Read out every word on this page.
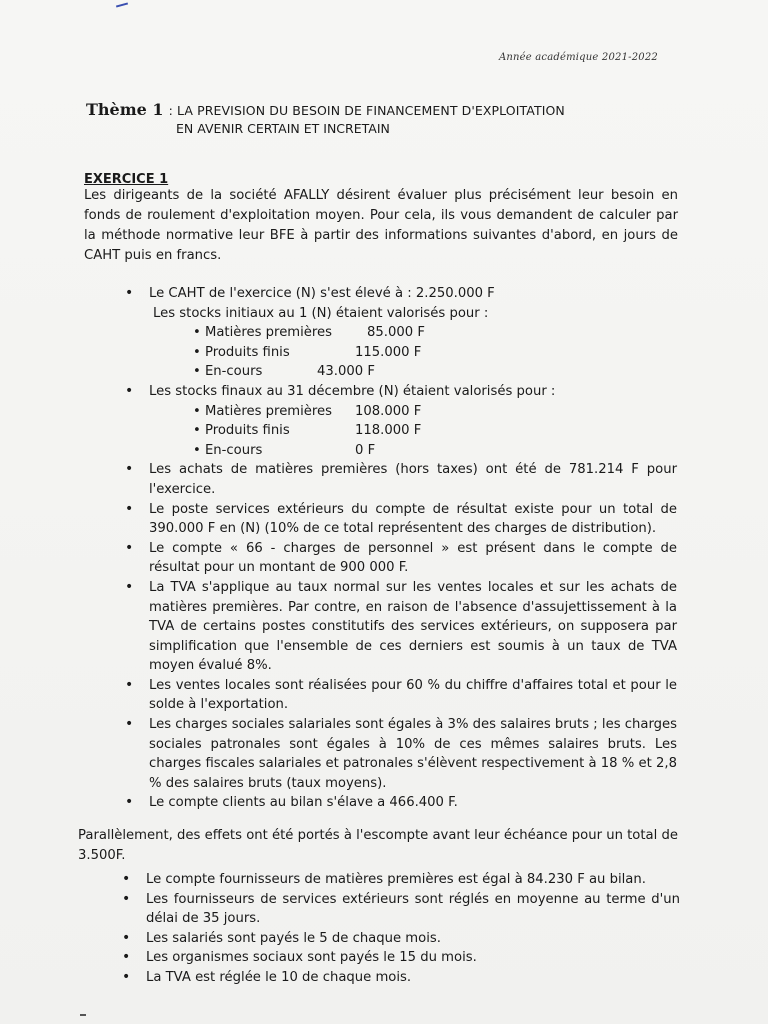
Année académique 2021-2022
Thème 1 : LA PREVISION DU BESOIN DE FINANCEMENT D'EXPLOITATION
EN AVENIR CERTAIN ET INCRETAIN
EXERCICE 1
Les dirigeants de la société AFALLY désirent évaluer plus précisément leur besoin en fonds de roulement d'exploitation moyen. Pour cela, ils vous demandent de calculer par la méthode normative leur BFE à partir des informations suivantes d'abord, en jours de CAHT puis en francs.
• Le CAHT de l'exercice (N) s'est élevé à : 2.250.000 F
Les stocks initiaux au 1 (N) étaient valorisés pour :
• Matières premières	85.000 F
• Produits finis	115.000 F
• En-cours	43.000 F
• Les stocks finaux au 31 décembre (N) étaient valorisés pour :
• Matières premières 108.000 F
• Produits finis	118.000 F
• En-cours	0 F
• Les achats de matières premières (hors taxes) ont été de 781.214 F pour l'exercice.
• Le poste services extérieurs du compte de résultat existe pour un total de 390.000 F en (N) (10% de ce total représentent des charges de distribution).
• Le compte « 66 - charges de personnel » est présent dans le compte de résultat pour un montant de 900 000 F.
• La TVA s'applique au taux normal sur les ventes locales et sur les achats de matières premières. Par contre, en raison de l'absence d'assujettissement à la TVA de certains postes constitutifs des services extérieurs, on supposera par simplification que l'ensemble de ces derniers est soumis à un taux de TVA moyen évalué 8%.
• Les ventes locales sont réalisées pour 60 % du chiffre d'affaires total et pour le solde à l'exportation.
• Les charges sociales salariales sont égales à 3% des salaires bruts ; les charges sociales patronales sont égales à 10% de ces mêmes salaires bruts. Les charges fiscales salariales et patronales s'élèvent respectivement à 18 % et 2,8 % des salaires bruts (taux moyens).
• Le compte clients au bilan s'élave a 466.400 F.
Parallèlement, des effets ont été portés à l'escompte avant leur échéance pour un total de 3.500F.
• Le compte fournisseurs de matières premières est égal à 84.230 F au bilan.
• Les fournisseurs de services extérieurs sont réglés en moyenne au terme d'un délai de 35 jours.
• Les salariés sont payés le 5 de chaque mois.
• Les organismes sociaux sont payés le 15 du mois.
• La TVA est réglée le 10 de chaque mois.
